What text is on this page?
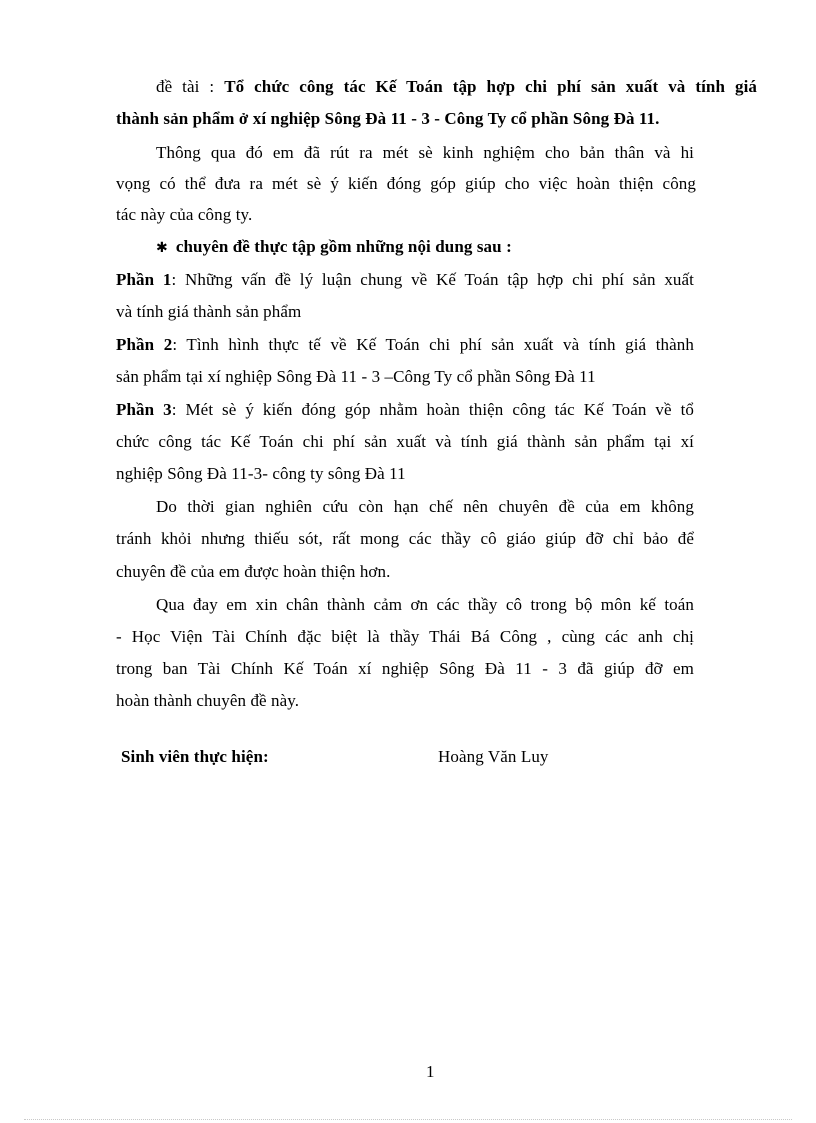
đề tài : Tổ chức công tác Kế Toán tập hợp chi phí sản xuất và tính giá
thành sản phẩm ở xí nghiệp Sông Đà 11 - 3 - Công Ty cổ phần Sông Đà 11.
Thông qua đó em đã rút ra mét sè kinh nghiệm cho bản thân và hi
vọng có thể đưa ra mét sè ý kiến đóng góp giúp cho việc hoàn thiện công
tác này của công ty.
✱ chuyên đề thực tập gồm những nội dung sau :
Phần 1: Những vấn đề lý luận chung về Kế Toán tập hợp chi phí sản xuất
và tính giá thành sản phẩm
Phần 2: Tình hình thực tế về Kế Toán chi phí sản xuất và tính giá thành
sản phẩm tại xí nghiệp Sông Đà 11 - 3 –Công Ty cổ phần Sông Đà 11
Phần 3: Mét sè ý kiến đóng góp nhằm hoàn thiện công tác Kế Toán về tổ
chức công tác Kế Toán chi phí sản xuất và tính giá thành sản phẩm tại xí
nghiệp Sông Đà 11-3- công ty sông Đà 11
Do thời gian nghiên cứu còn hạn chế nên chuyên đề của em không
tránh khỏi nhưng thiếu sót, rất mong các thầy cô giáo giúp đỡ chỉ bảo để
chuyên đề của em được hoàn thiện hơn.
Qua đay em xin chân thành cảm ơn các thầy cô trong bộ môn kế toán
- Học Viện Tài Chính đặc biệt là thầy Thái Bá Công , cùng các anh chị
trong ban Tài Chính Kế Toán xí nghiệp Sông Đà 11 - 3 đã giúp đỡ em
hoàn thành chuyên đề này.
Sinh viên thực hiện:	Hoàng Văn Luy
1
